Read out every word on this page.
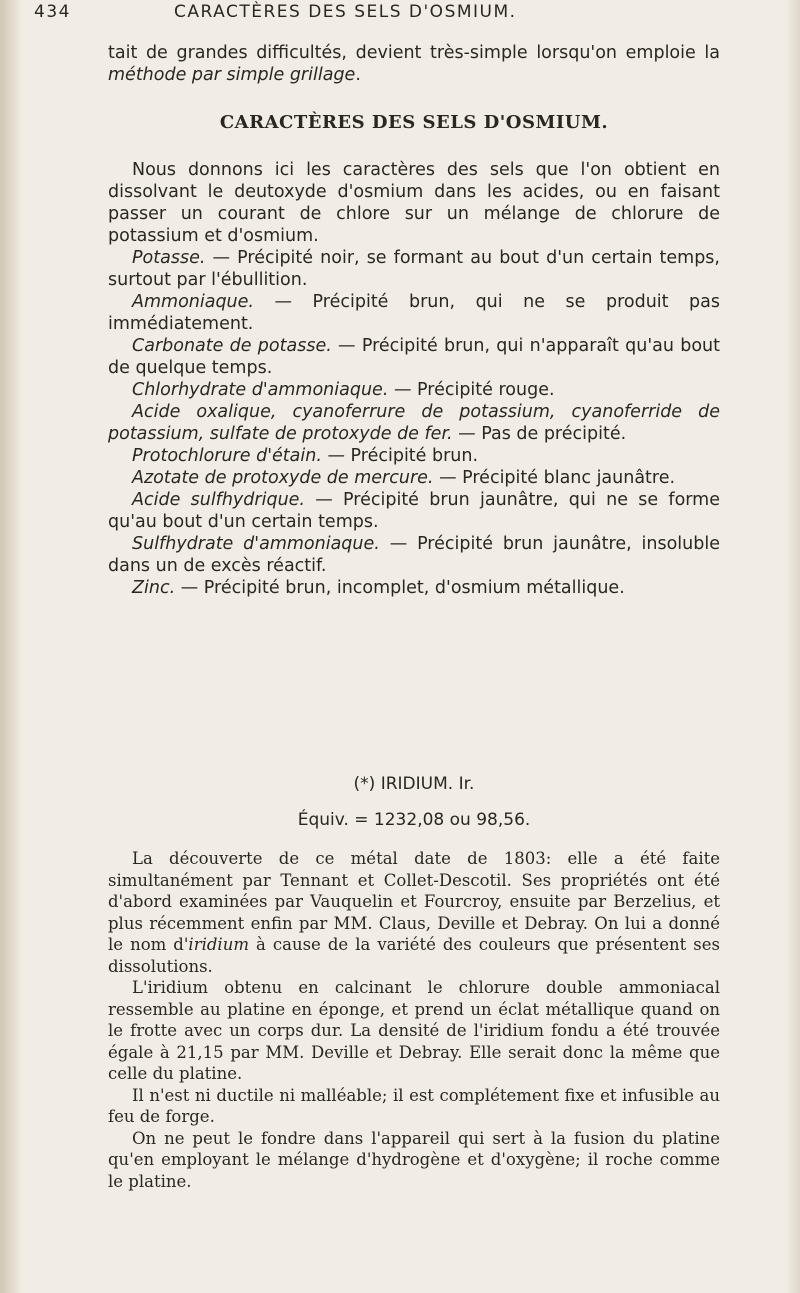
434	CARACTÈRES DES SELS D'OSMIUM.

tait de grandes difficultés, devient très-simple lorsqu'on emploie la méthode par simple grillage.

CARACTÈRES DES SELS D'OSMIUM.

Nous donnons ici les caractères des sels que l'on obtient en dissolvant le deutoxyde d'osmium dans les acides, ou en faisant passer un courant de chlore sur un mélange de chlorure de potassium et d'osmium.

Potasse. — Précipité noir, se formant au bout d'un certain temps, surtout par l'ébullition.

Ammoniaque. — Précipité brun, qui ne se produit pas immédiatement.

Carbonate de potasse. — Précipité brun, qui n'apparaît qu'au bout de quelque temps.

Chlorhydrate d'ammoniaque. — Précipité rouge.

Acide oxalique, cyanoferrure de potassium, cyanoferride de potassium, sulfate de protoxyde de fer. — Pas de précipité.

Protochlorure d'étain. — Précipité brun.

Azotate de protoxyde de mercure. — Précipité blanc jaunâtre.

Acide sulfhydrique. — Précipité brun jaunâtre, qui ne se forme qu'au bout d'un certain temps.

Sulfhydrate d'ammoniaque. — Précipité brun jaunâtre, insoluble dans un de excès réactif.

Zinc. — Précipité brun, incomplet, d'osmium métallique.

(*) IRIDIUM. Ir.
Équiv. = 1232,08 ou 98,56.

La découverte de ce métal date de 1803: elle a été faite simultanément par Tennant et Collet-Descotil. Ses propriétés ont été d'abord examinées par Vauquelin et Fourcroy, ensuite par Berzelius, et plus récemment enfin par MM. Claus, Deville et Debray. On lui a donné le nom d'iridium à cause de la variété des couleurs que présentent ses dissolutions.

L'iridium obtenu en calcinant le chlorure double ammoniacal ressemble au platine en éponge, et prend un éclat métallique quand on le frotte avec un corps dur. La densité de l'iridium fondu a été trouvée égale à 21,15 par MM. Deville et Debray. Elle serait donc la même que celle du platine.

Il n'est ni ductile ni malléable; il est complétement fixe et infusible au feu de forge.

On ne peut le fondre dans l'appareil qui sert à la fusion du platine qu'en employant le mélange d'hydrogène et d'oxygène; il roche comme le platine.
